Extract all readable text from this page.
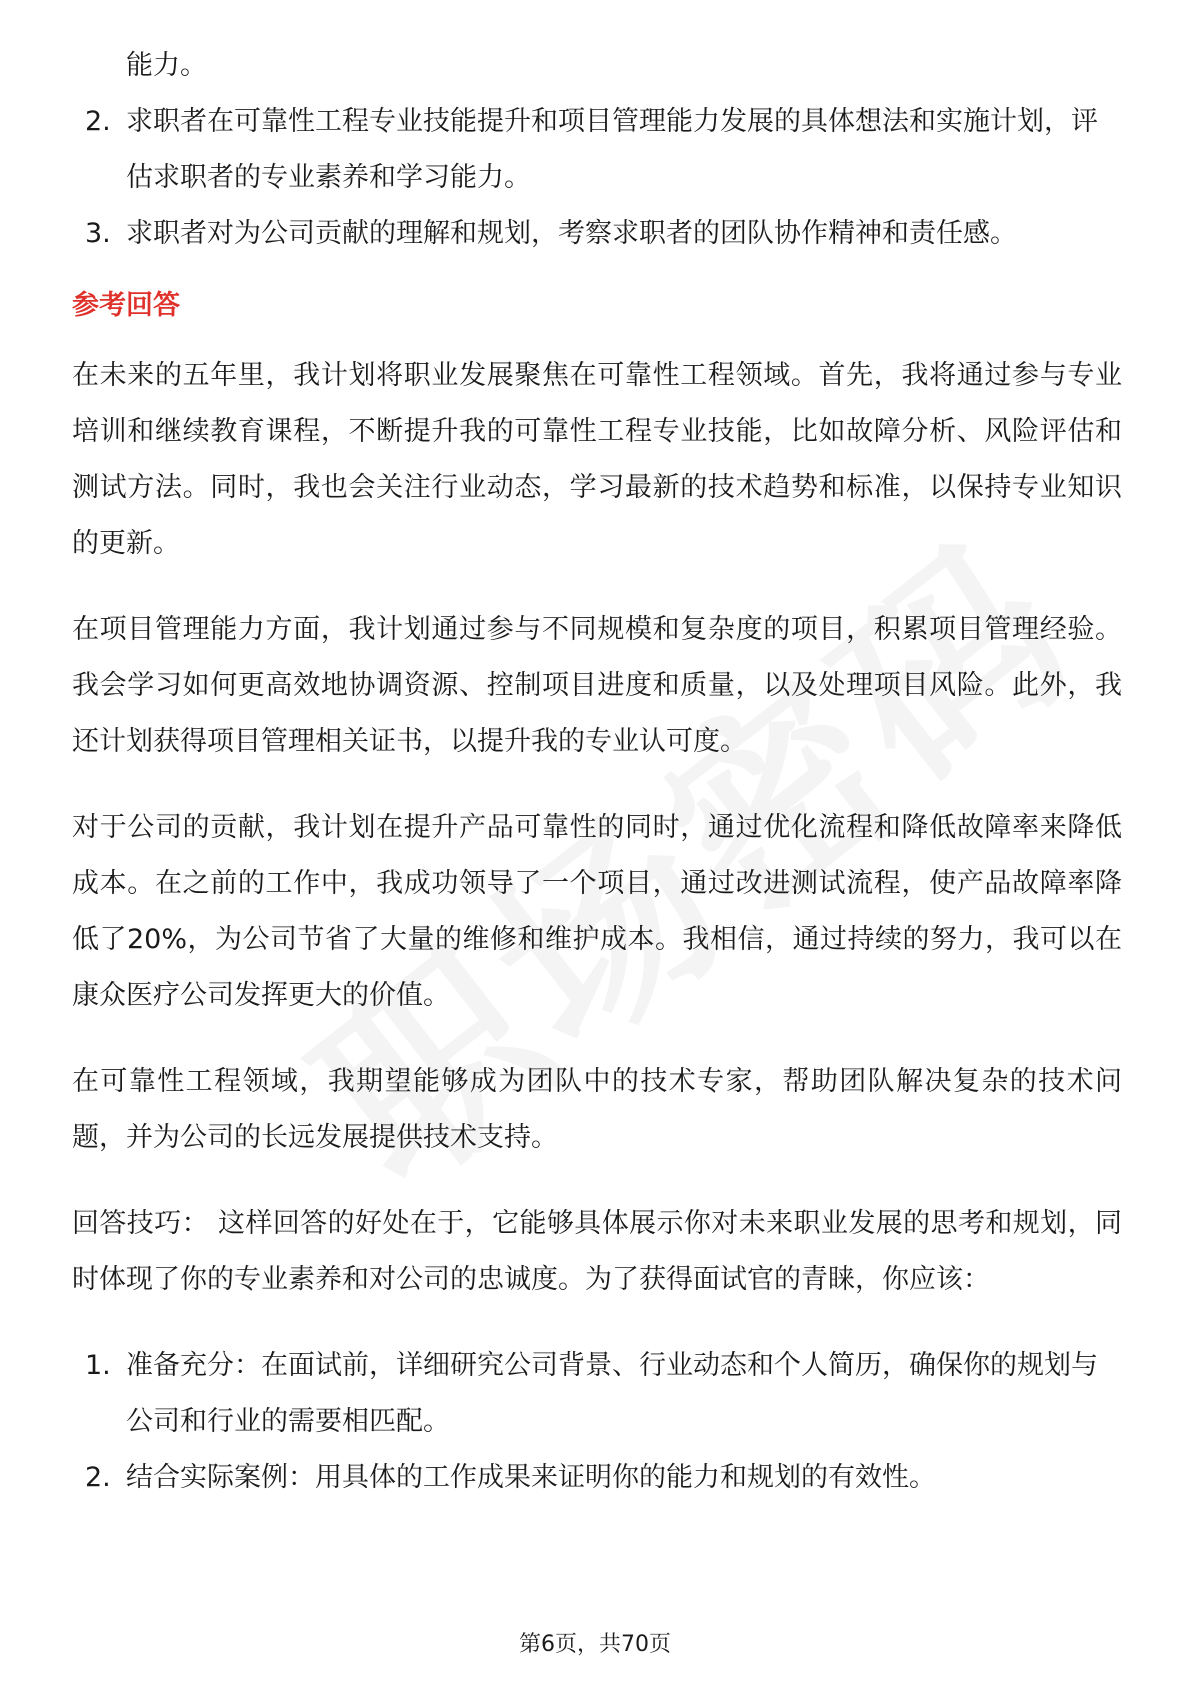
能力。

2. 求职者在可靠性工程专业技能提升和项目管理能力发展的具体想法和实施计划，评估求职者的专业素养和学习能力。
3. 求职者对为公司贡献的理解和规划，考察求职者的团队协作精神和责任感。
参考回答

在未来的五年里，我计划将职业发展聚焦在可靠性工程领域。首先，我将通过参与专业培训和继续教育课程，不断提升我的可靠性工程专业技能，比如故障分析、风险评估和测试方法。同时，我也会关注行业动态，学习最新的技术趋势和标准，以保持专业知识的更新。

在项目管理能力方面，我计划通过参与不同规模和复杂度的项目，积累项目管理经验。我会学习如何更高效地协调资源、控制项目进度和质量，以及处理项目风险。此外，我还计划获得项目管理相关证书，以提升我的专业认可度。

对于公司的贡献，我计划在提升产品可靠性的同时，通过优化流程和降低故障率来降低成本。在之前的工作中，我成功领导了一个项目，通过改进测试流程，使产品故障率降低了20%，为公司节省了大量的维修和维护成本。我相信，通过持续的努力，我可以在康众医疗公司发挥更大的价值。

在可靠性工程领域，我期望能够成为团队中的技术专家，帮助团队解决复杂的技术问题，并为公司的长远发展提供技术支持。

回答技巧： 这样回答的好处在于，它能够具体展示你对未来职业发展的思考和规划，同时体现了你的专业素养和对公司的忠诚度。为了获得面试官的青睐，你应该：

1. 准备充分：在面试前，详细研究公司背景、行业动态和个人简历，确保你的规划与公司和行业的需要相匹配。
2. 结合实际案例：用具体的工作成果来证明你的能力和规划的有效性。
第6页，共70页
